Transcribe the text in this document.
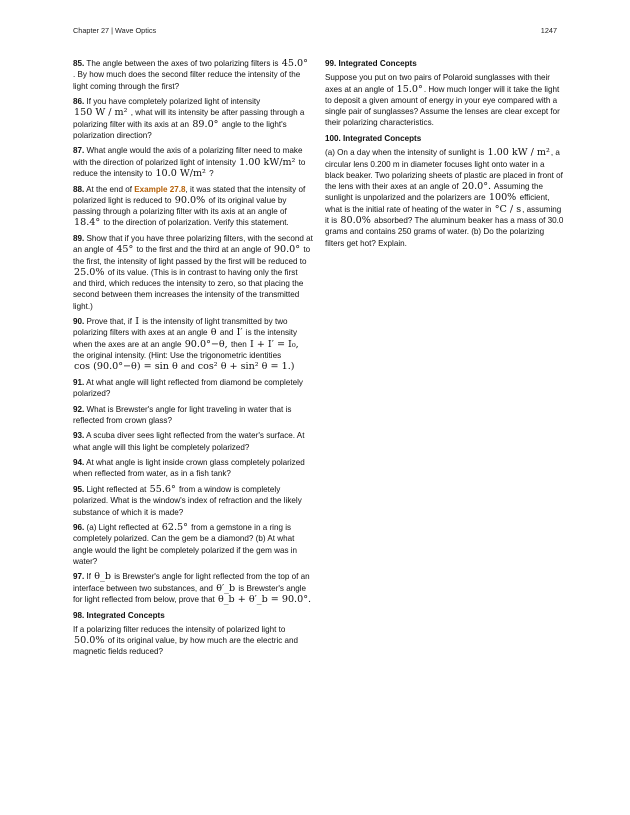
Chapter 27 | Wave Optics	1247

85. The angle between the axes of two polarizing filters is 45.0° . By how much does the second filter reduce the intensity of the light coming through the first?

86. If you have completely polarized light of intensity 150 W / m² , what will its intensity be after passing through a polarizing filter with its axis at an 89.0° angle to the light's polarization direction?

87. What angle would the axis of a polarizing filter need to make with the direction of polarized light of intensity 1.00 kW/m² to reduce the intensity to 10.0 W/m² ?

88. At the end of Example 27.8, it was stated that the intensity of polarized light is reduced to 90.0% of its original value by passing through a polarizing filter with its axis at an angle of 18.4° to the direction of polarization. Verify this statement.

89. Show that if you have three polarizing filters, with the second at an angle of 45° to the first and the third at an angle of 90.0° to the first, the intensity of light passed by the first will be reduced to 25.0% of its value. (This is in contrast to having only the first and third, which reduces the intensity to zero, so that placing the second between them increases the intensity of the transmitted light.)

90. Prove that, if I is the intensity of light transmitted by two polarizing filters with axes at an angle θ and I′ is the intensity when the axes are at an angle 90.0°−θ, then I + I′ = I₀, the original intensity. (Hint: Use the trigonometric identities cos (90.0°−θ) = sin θ and cos² θ + sin² θ = 1.)

91. At what angle will light reflected from diamond be completely polarized?

92. What is Brewster's angle for light traveling in water that is reflected from crown glass?

93. A scuba diver sees light reflected from the water's surface. At what angle will this light be completely polarized?

94. At what angle is light inside crown glass completely polarized when reflected from water, as in a fish tank?

95. Light reflected at 55.6° from a window is completely polarized. What is the window's index of refraction and the likely substance of which it is made?

96. (a) Light reflected at 62.5° from a gemstone in a ring is completely polarized. Can the gem be a diamond? (b) At what angle would the light be completely polarized if the gem was in water?

97. If θ_b is Brewster's angle for light reflected from the top of an interface between two substances, and θ′_b is Brewster's angle for light reflected from below, prove that θ_b + θ′_b = 90.0°.

98. Integrated Concepts

If a polarizing filter reduces the intensity of polarized light to 50.0% of its original value, by how much are the electric and magnetic fields reduced?

99. Integrated Concepts

Suppose you put on two pairs of Polaroid sunglasses with their axes at an angle of 15.0°. How much longer will it take the light to deposit a given amount of energy in your eye compared with a single pair of sunglasses? Assume the lenses are clear except for their polarizing characteristics.

100. Integrated Concepts

(a) On a day when the intensity of sunlight is 1.00 kW / m², a circular lens 0.200 m in diameter focuses light onto water in a black beaker. Two polarizing sheets of plastic are placed in front of the lens with their axes at an angle of 20.0°. Assuming the sunlight is unpolarized and the polarizers are 100% efficient, what is the initial rate of heating of the water in °C / s, assuming it is 80.0% absorbed? The aluminum beaker has a mass of 30.0 grams and contains 250 grams of water. (b) Do the polarizing filters get hot? Explain.
